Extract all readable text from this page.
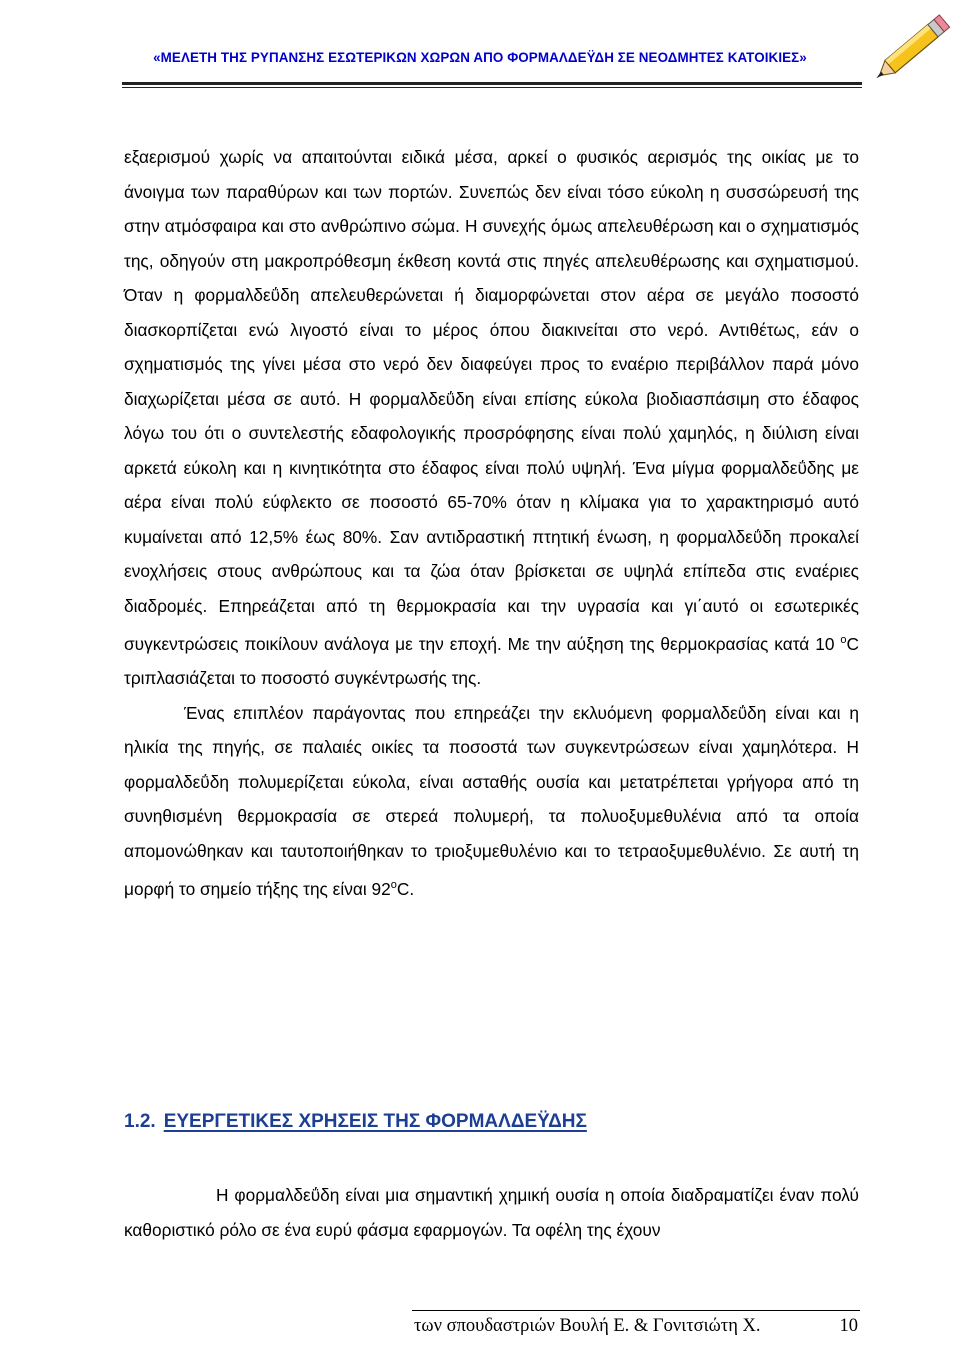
«ΜΕΛΕΤΗ ΤΗΣ ΡΥΠΑΝΣΗΣ ΕΣΩΤΕΡΙΚΩΝ ΧΩΡΩΝ ΑΠΟ ΦΟΡΜΑΛΔΕΫΔΗ ΣΕ ΝΕΟΔΜΗΤΕΣ ΚΑΤΟΙΚΙΕΣ»

εξαερισμού χωρίς να απαιτούνται ειδικά μέσα, αρκεί ο φυσικός αερισμός της οικίας με το άνοιγμα των παραθύρων και των πορτών. Συνεπώς δεν είναι τόσο εύκολη η συσσώρευσή της στην ατμόσφαιρα και στο ανθρώπινο σώμα. Η συνεχής όμως απελευθέρωση και ο σχηματισμός της, οδηγούν στη μακροπρόθεσμη έκθεση κοντά στις πηγές απελευθέρωσης και σχηματισμού. Όταν η φορμαλδεΰδη απελευθερώνεται ή διαμορφώνεται στον αέρα σε μεγάλο ποσοστό διασκορπίζεται ενώ λιγοστό είναι το μέρος όπου διακινείται στο νερό. Αντιθέτως, εάν ο σχηματισμός της γίνει μέσα στο νερό δεν διαφεύγει προς το εναέριο περιβάλλον παρά μόνο διαχωρίζεται μέσα σε αυτό. Η φορμαλδεΰδη είναι επίσης εύκολα βιοδιασπάσιμη στο έδαφος λόγω του ότι ο συντελεστής εδαφολογικής προσρόφησης είναι πολύ χαμηλός, η διύλιση είναι αρκετά εύκολη και η κινητικότητα στο έδαφος είναι πολύ υψηλή. Ένα μίγμα φορμαλδεΰδης με αέρα είναι πολύ εύφλεκτο σε ποσοστό 65-70% όταν η κλίμακα για το χαρακτηρισμό αυτό κυμαίνεται από 12,5% έως 80%. Σαν αντιδραστική πτητική ένωση, η φορμαλδεΰδη προκαλεί ενοχλήσεις στους ανθρώπους και τα ζώα όταν βρίσκεται σε υψηλά επίπεδα στις εναέριες διαδρομές. Επηρεάζεται από τη θερμοκρασία και την υγρασία και γι΄αυτό οι εσωτερικές συγκεντρώσεις ποικίλουν ανάλογα με την εποχή. Με την αύξηση της θερμοκρασίας κατά 10 $^o$C τριπλασιάζεται το ποσοστό συγκέντρωσής της.

Ένας επιπλέον παράγοντας που επηρεάζει την εκλυόμενη φορμαλδεΰδη είναι και η ηλικία της πηγής, σε παλαιές οικίες τα ποσοστά των συγκεντρώσεων είναι χαμηλότερα. Η φορμαλδεΰδη πολυμερίζεται εύκολα, είναι ασταθής ουσία και μετατρέπεται γρήγορα από τη συνηθισμένη θερμοκρασία σε στερεά πολυμερή, τα πολυοξυμεθυλένια από τα οποία απομονώθηκαν και ταυτοποιήθηκαν το τριοξυμεθυλένιο και το τετραοξυμεθυλένιο. Σε αυτή τη μορφή το σημείο τήξης της είναι $92^oC$.

1.2. ΕΥΕΡΓΕΤΙΚΕΣ ΧΡΗΣΕΙΣ ΤΗΣ ΦΟΡΜΑΛΔΕΫΔΗΣ

Η φορμαλδεΰδη είναι μια σημαντική χημική ουσία η οποία διαδραματίζει έναν πολύ καθοριστικό ρόλο σε ένα ευρύ φάσμα εφαρμογών. Τα οφέλη της έχουν

των σπουδαστριών Βουλή Ε. & Γονιτσιώτη Χ.	10
